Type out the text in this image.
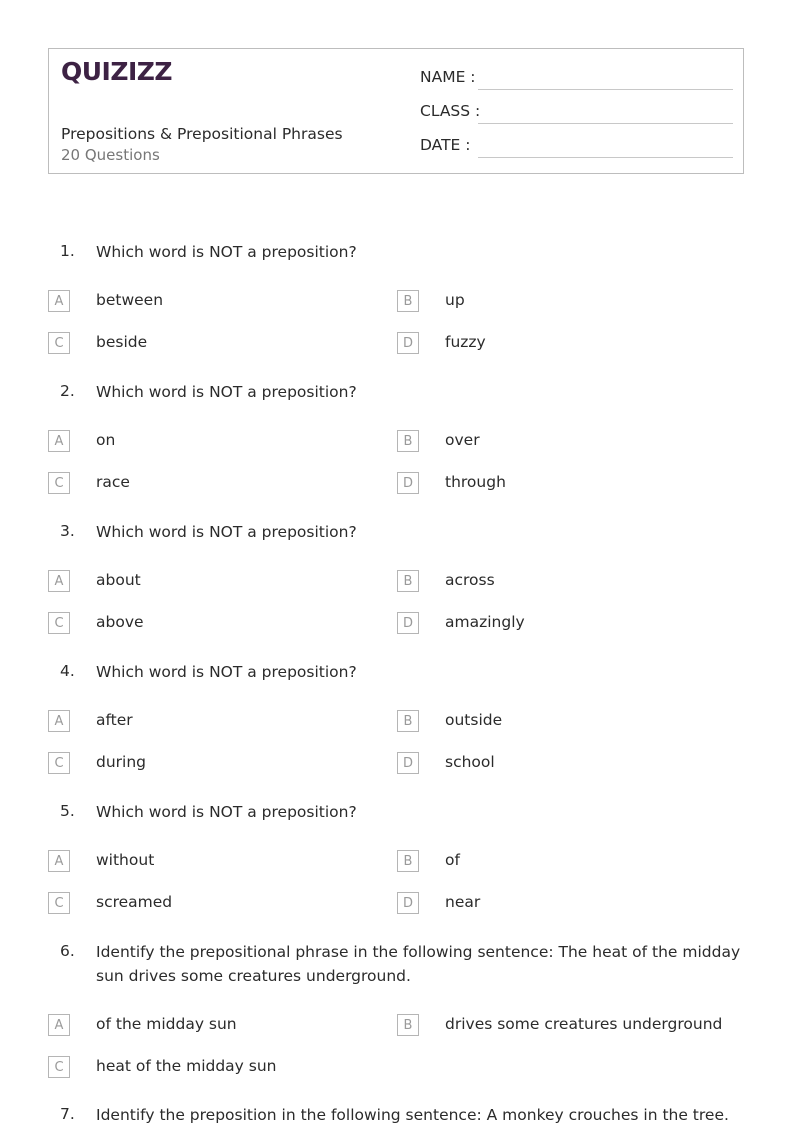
QUIZIZZ
Prepositions & Prepositional Phrases
20 Questions
NAME :
CLASS :
DATE :
1. Which word is NOT a preposition?
A	between	B	up
C	beside	D	fuzzy
2. Which word is NOT a preposition?
A	on	B	over
C	race	D	through
3. Which word is NOT a preposition?
A	about	B	across
C	above	D	amazingly
4. Which word is NOT a preposition?
A	after	B	outside
C	during	D	school
5. Which word is NOT a preposition?
A	without	B	of
C	screamed	D	near
6. Identify the prepositional phrase in the following sentence: The heat of the midday sun drives some creatures underground.
A	of the midday sun	B	drives some creatures underground
C	heat of the midday sun
7. Identify the preposition in the following sentence: A monkey crouches in the tree.
